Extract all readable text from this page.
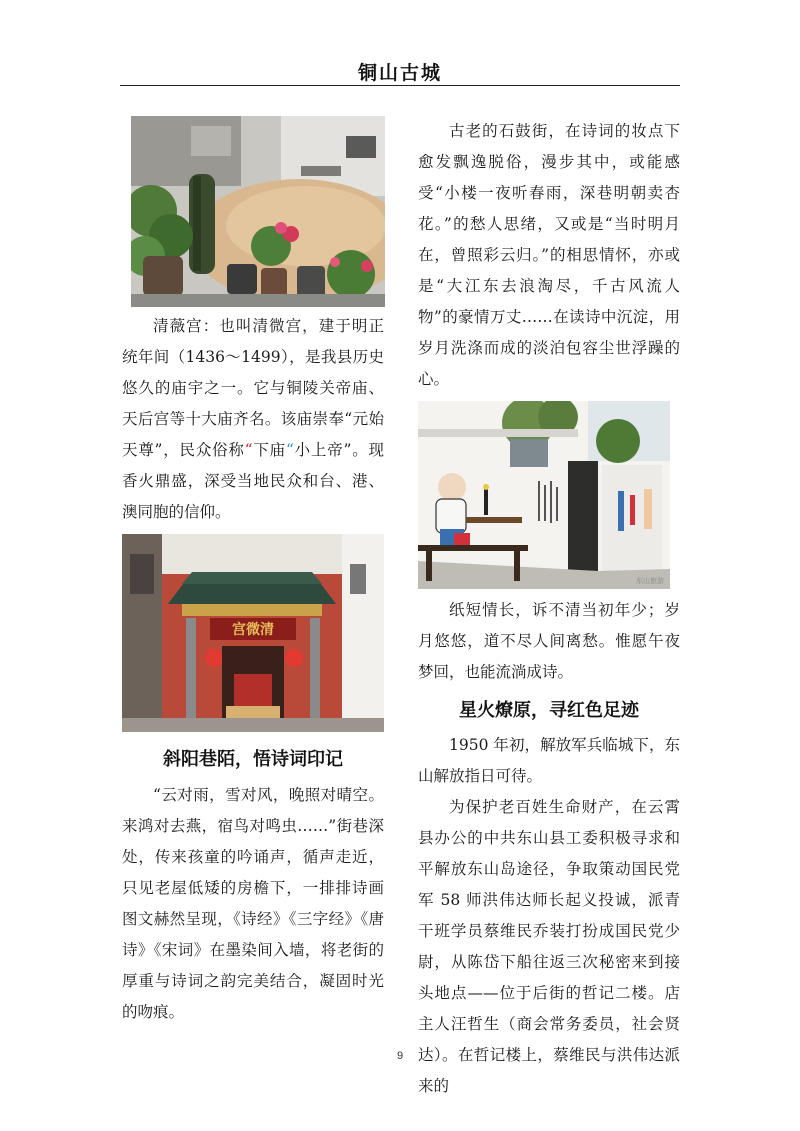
铜山古城

清薇宫：也叫清微宫，建于明正统年间（1436～1499），是我县历史悠久的庙宇之一。它与铜陵关帝庙、天后宫等十大庙齐名。该庙崇奉“元始天尊”，民众俗称“下庙“小上帝”。现香火鼎盛，深受当地民众和台、港、澳同胞的信仰。

宫微清
斜阳巷陌，悟诗词印记

“云对雨，雪对风，晚照对晴空。来鸿对去燕，宿鸟对鸣虫……”街巷深处，传来孩童的吟诵声，循声走近，只见老屋低矮的房檐下，一排排诗画图文赫然呈现，《诗经》《三字经》《唐诗》《宋词》在墨染间入墙，将老街的厚重与诗词之韵完美结合，凝固时光的吻痕。

古老的石鼓街，在诗词的妆点下愈发飘逸脱俗，漫步其中，或能感受“小楼一夜听春雨，深巷明朝卖杏花。”的愁人思绪，又或是“当时明月在，曾照彩云归。”的相思情怀，亦或是“大江东去浪淘尽，千古风流人物”的豪情万丈……在读诗中沉淀，用岁月洗涤而成的淡泊包容尘世浮躁的心。

东山旅游

纸短情长，诉不清当初年少；岁月悠悠，道不尽人间离愁。惟愿午夜梦回，也能流淌成诗。

星火燎原，寻红色足迹

1950 年初，解放军兵临城下，东山解放指日可待。

为保护老百姓生命财产，在云霄县办公的中共东山县工委积极寻求和平解放东山岛途径，争取策动国民党军 58 师洪伟达师长起义投诚，派青干班学员蔡维民乔装打扮成国民党少尉，从陈岱下船往返三次秘密来到接头地点——位于后街的哲记二楼。店主人汪哲生（商会常务委员，社会贤达）。在哲记楼上，蔡维民与洪伟达派来的

9
